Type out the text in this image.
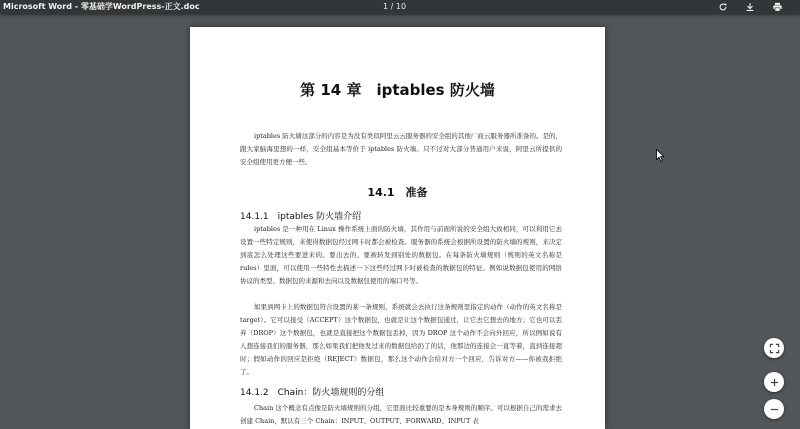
Microsoft Word - 零基础学WordPress-正文.doc	1 / 10
第 14 章　iptables 防火墙

iptables 防火墙这部分的内容是为没有类似阿里云云服务器的安全组的其他厂商云服务器所准备的。是的，跟大家脑海里想的一样，安全组基本等价于 iptables 防火墙。只不过对大部分普通用户来说，阿里云所提供的安全组使用更方便一些。

14.1　准备
14.1.1　iptables 防火墙介绍

iptables 是一种用在 Linux 操作系统上面的防火墙，其作用与前面所说的安全组大致相同，可以利用它去设置一些特定规则，来使得数据包经过网卡时都会被检查。服务器的系统会根据所设置的防火墙的规则，来决定到底怎么处理这些要进来的。要出去的、要被转发到别处的数据包。在每条防火墙规则（规则的英文名称是 rules）里面，可以使用一些特性去描述一下这些经过网卡时被检查的数据包的特征。例如说数据包使用的网络协议的类型、数据包的来源和去向以及数据包使用的端口号等。

如果到网卡上的数据包符合设置的某一条规则，系统就会去执行这条规则里指定的动作（动作的英文名称是 target）。它可以接受（ACCEPT）这个数据包，也就是让这个数据包通过，让它去它想去的地方；它也可以丢弃（DROP）这个数据包，也就是直接把这个数据包丢掉，因为 DROP 这个动作不会向外回应，所以例如说有人想连接我们的服务器，那么如果我们把他发过来的数据包给扔了的话，他那边的连接会一直等着，直到连接超时；假如动作的回应是拒绝（REJECT）数据包，那么这个动作会给对方一个回应，告诉对方——你被我拒绝了。

14.1.2　Chain：防火墙规则的分组

Chain 这个概念有点像是防火墙规则的分组，它里面比较重要的是本身规则的顺序。可以根据自己的需求去创建 Chain，默认有三个 Chain：INPUT、OUTPUT、FORWARD、INPUT 表
